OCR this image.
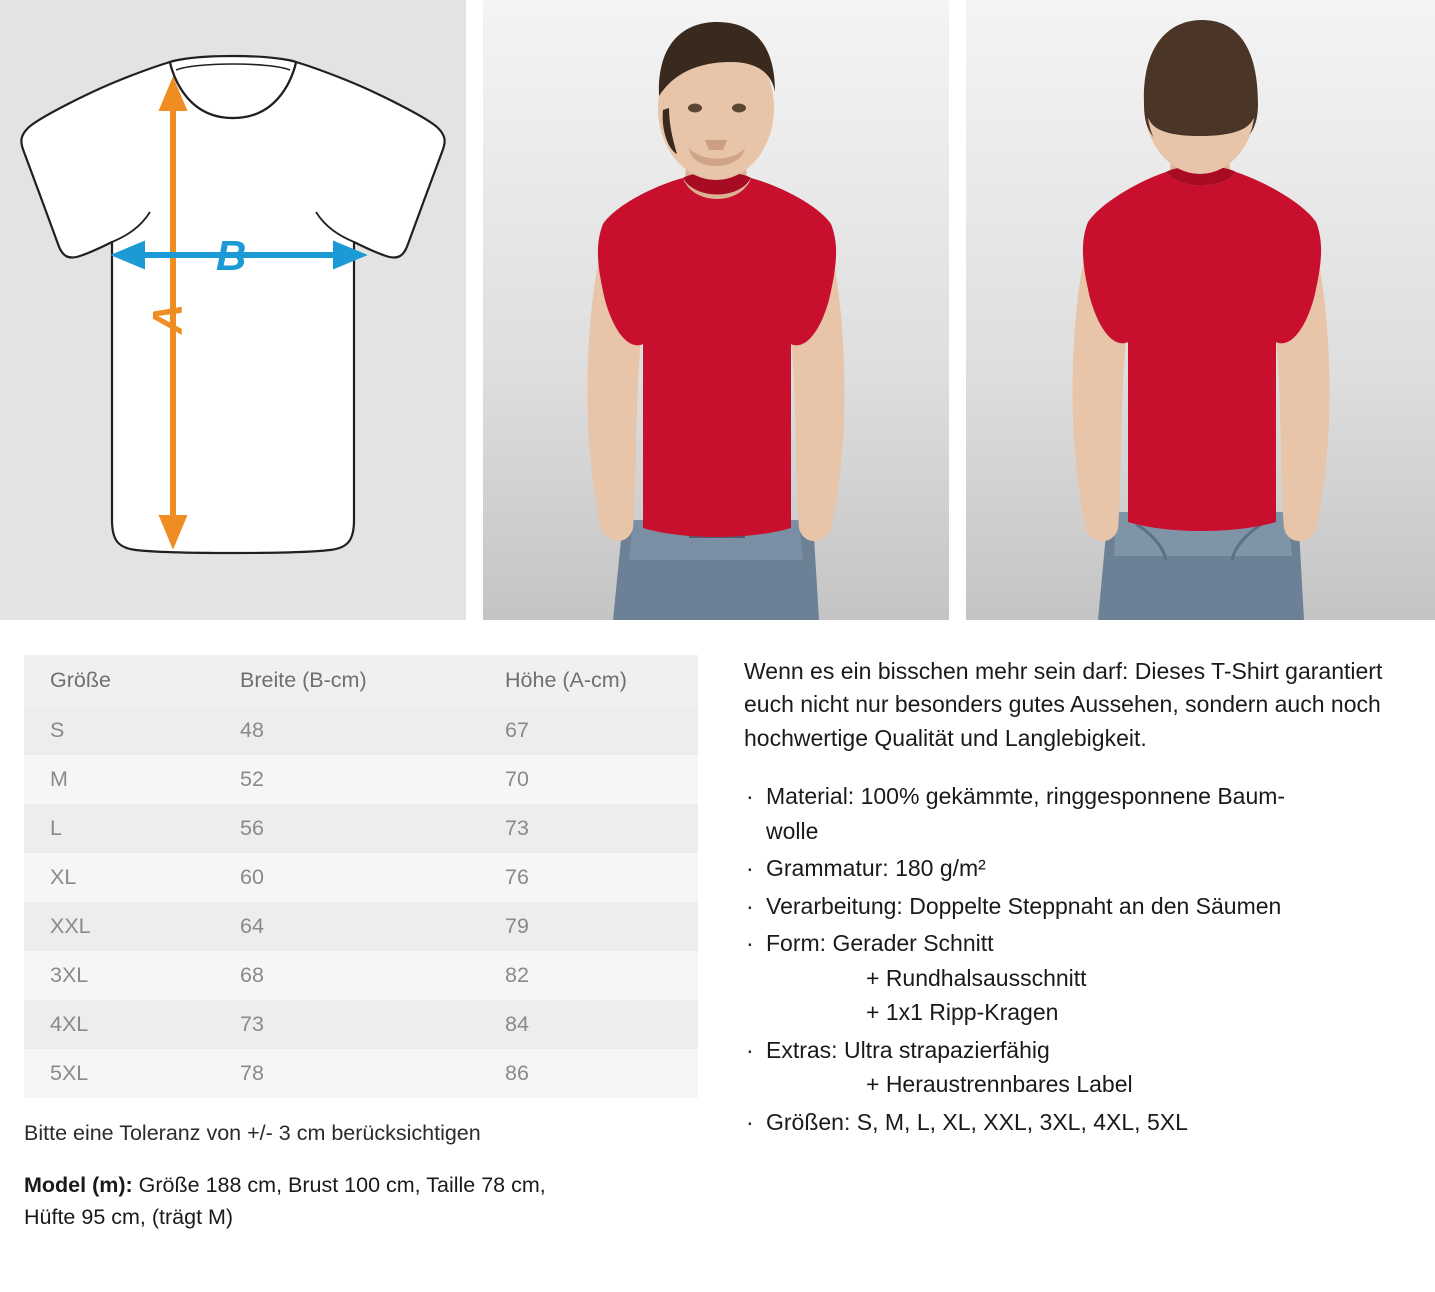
A
B
Größe	Breite (B-cm)	Höhe (A-cm)
S	48	67
M	52	70
L	56	73
XL	60	76
XXL	64	79
3XL	68	82
4XL	73	84
5XL	78	86
Bitte eine Toleranz von +/- 3 cm berücksichtigen
Model (m): Größe 188 cm, Brust 100 cm, Taille 78 cm,
Hüfte 95 cm, (trägt M)

Wenn es ein bisschen mehr sein darf: Dieses T-Shirt garantiert euch nicht nur besonders gutes Aussehen, sondern auch noch hochwertige Qualität und Langlebigkeit.

· Material: 100% gekämmte, ringgesponnene Baum-
wolle
· Grammatur: 180 g/m²
· Verarbeitung: Doppelte Steppnaht an den Säumen
· Form: Gerader Schnitt
+ Rundhalsausschnitt
+ 1x1 Ripp-Kragen
· Extras: Ultra strapazierfähig
+ Heraustrennbares Label
· Größen: S, M, L, XL, XXL, 3XL, 4XL, 5XL
